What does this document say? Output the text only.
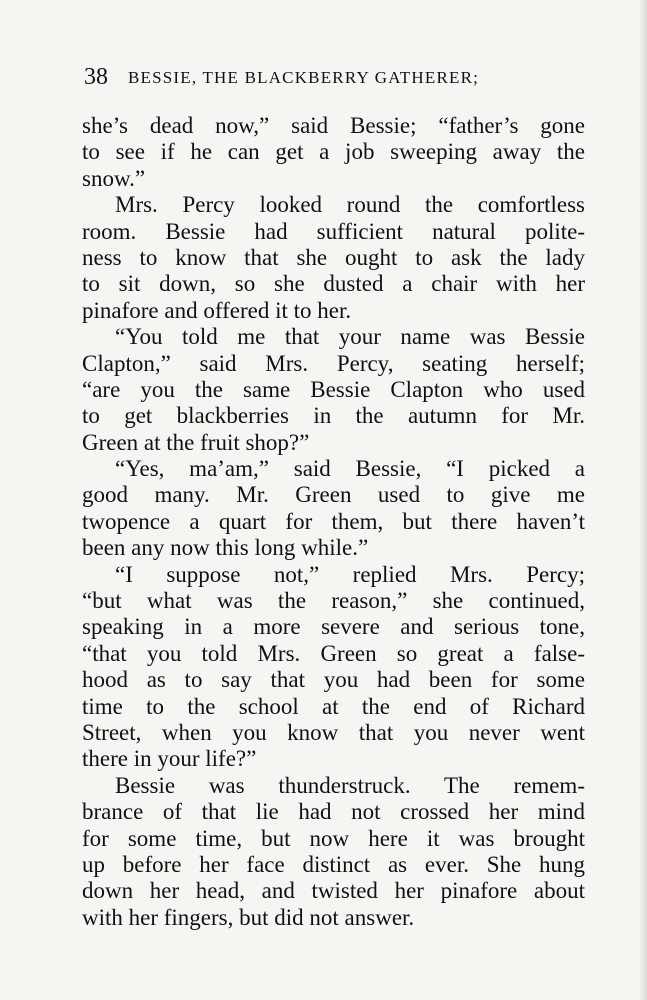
38 BESSIE, THE BLACKBERRY GATHERER;
she’s dead now,” said Bessie; “father’s gone
to see if he can get a job sweeping away the
snow.”
Mrs. Percy looked round the comfortless
room. Bessie had sufficient natural polite-
ness to know that she ought to ask the lady
to sit down, so she dusted a chair with her
pinafore and offered it to her.
“You told me that your name was Bessie
Clapton,” said Mrs. Percy, seating herself;
“are you the same Bessie Clapton who used
to get blackberries in the autumn for Mr.
Green at the fruit shop?”
“Yes, ma’am,” said Bessie, “I picked a
good many. Mr. Green used to give me
twopence a quart for them, but there haven’t
been any now this long while.”
“I suppose not,” replied Mrs. Percy;
“but what was the reason,” she continued,
speaking in a more severe and serious tone,
“that you told Mrs. Green so great a false-
hood as to say that you had been for some
time to the school at the end of Richard
Street, when you know that you never went
there in your life?”
Bessie was thunderstruck. The remem-
brance of that lie had not crossed her mind
for some time, but now here it was brought
up before her face distinct as ever. She hung
down her head, and twisted her pinafore about
with her fingers, but did not answer.
